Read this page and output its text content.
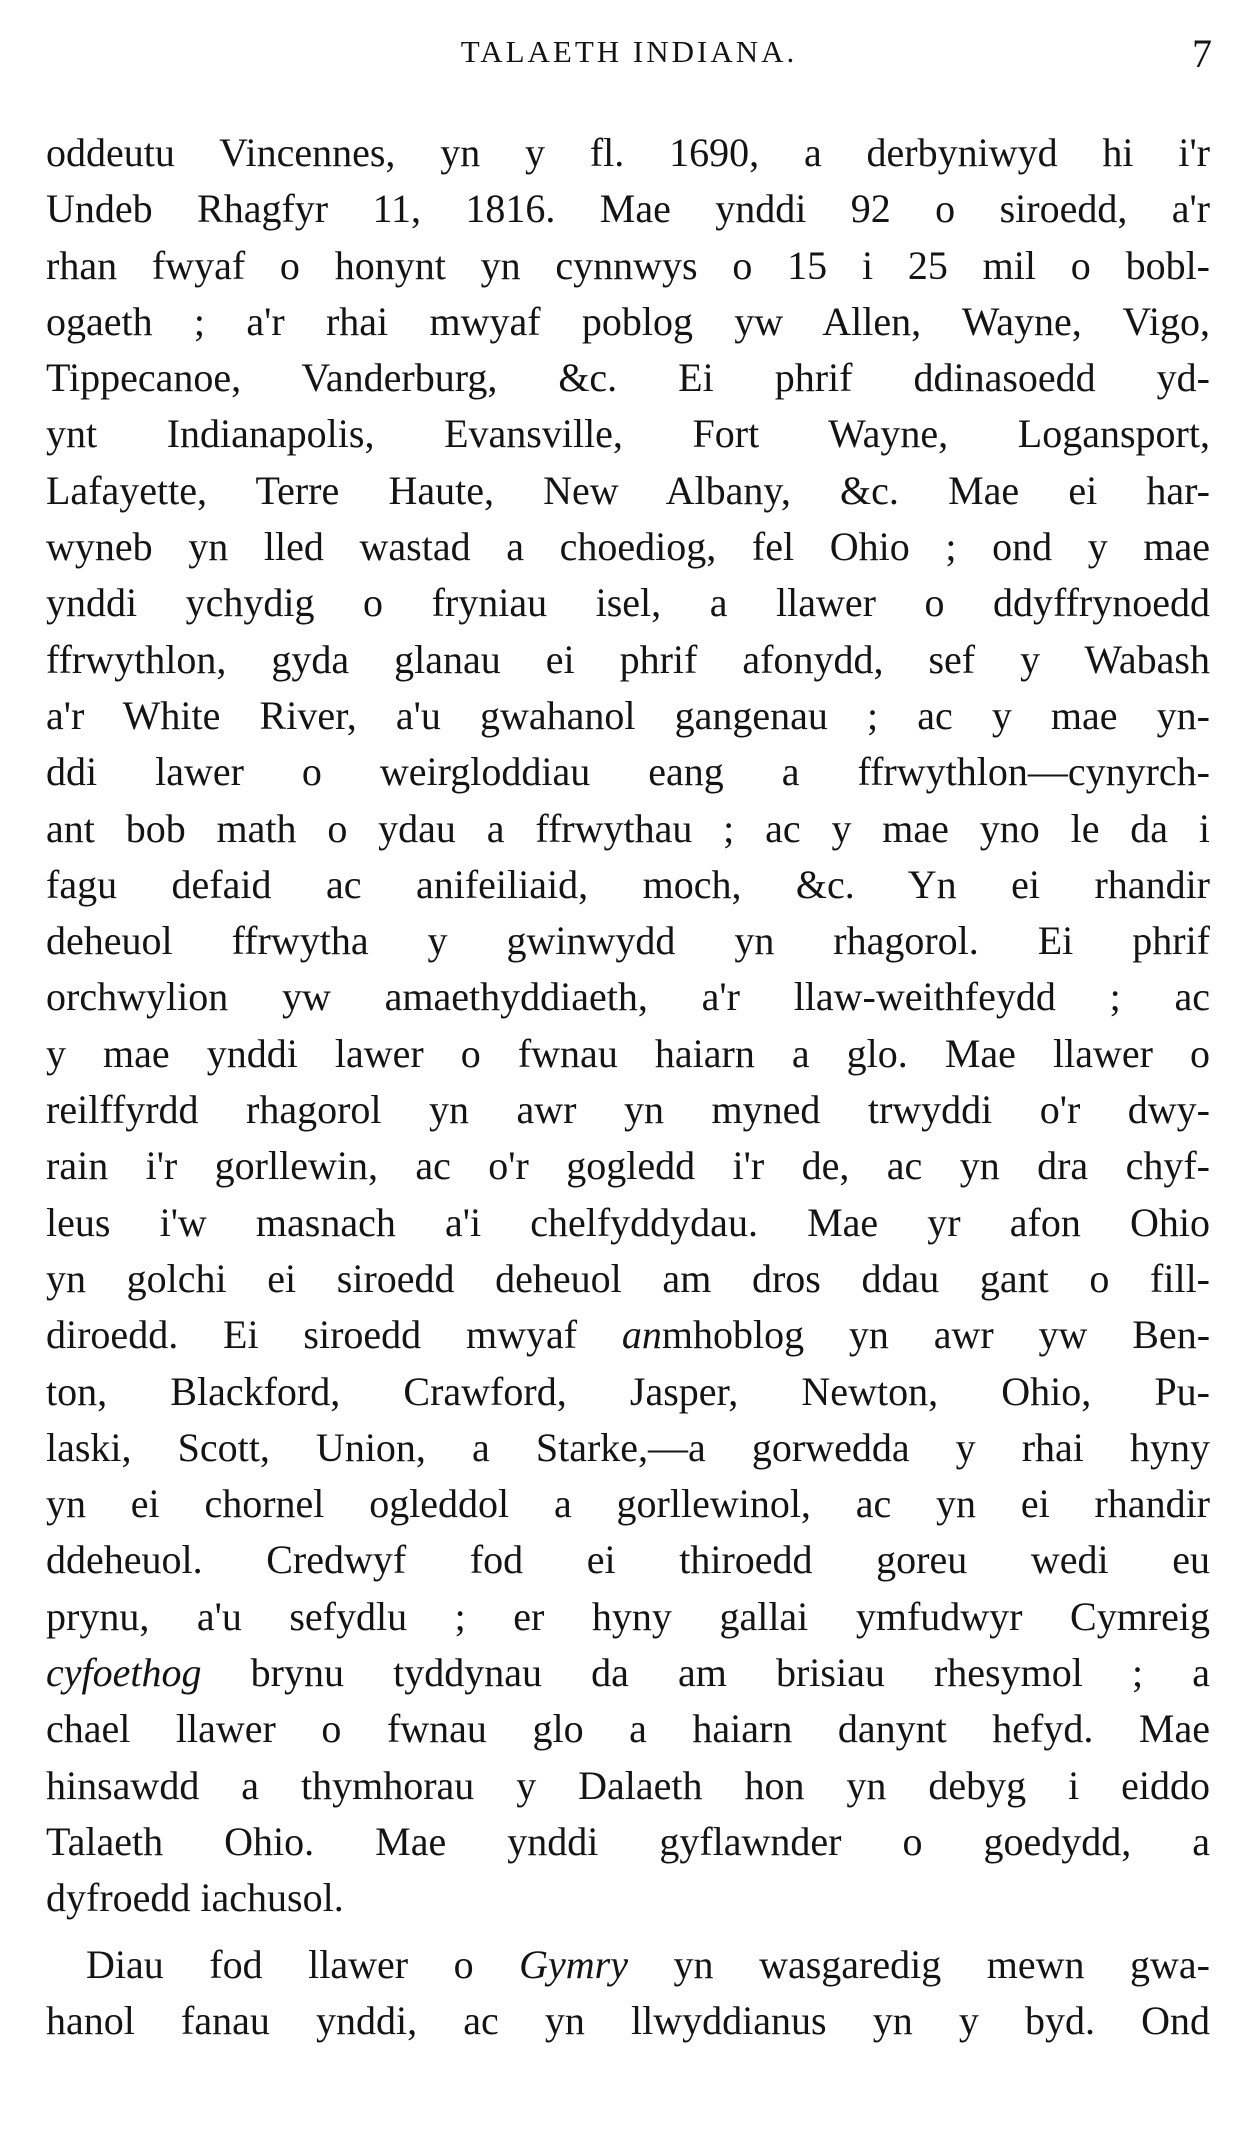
TALAETH INDIANA.	7
oddeutu Vincennes, yn y fl. 1690, a derbyniwyd hi i'r
Undeb Rhagfyr 11, 1816. Mae ynddi 92 o siroedd, a'r
rhan fwyaf o honynt yn cynnwys o 15 i 25 mil o bobl-
ogaeth ; a'r rhai mwyaf poblog yw Allen, Wayne, Vigo,
Tippecanoe, Vanderburg, &c. Ei phrif ddinasoedd yd-
ynt Indianapolis, Evansville, Fort Wayne, Logansport,
Lafayette, Terre Haute, New Albany, &c. Mae ei har-
wyneb yn lled wastad a choediog, fel Ohio ; ond y mae
ynddi ychydig o fryniau isel, a llawer o ddyffrynoedd
ffrwythlon, gyda glanau ei phrif afonydd, sef y Wabash
a'r White River, a'u gwahanol gangenau ; ac y mae yn-
ddi lawer o weirgloddiau eang a ffrwythlon—cynyrch-
ant bob math o ydau a ffrwythau ; ac y mae yno le da i
fagu defaid ac anifeiliaid, moch, &c. Yn ei rhandir
deheuol ffrwytha y gwinwydd yn rhagorol. Ei phrif
orchwylion yw amaethyddiaeth, a'r llaw-weithfeydd ; ac
y mae ynddi lawer o fwnau haiarn a glo. Mae llawer o
reilffyrdd rhagorol yn awr yn myned trwyddi o'r dwy-
rain i'r gorllewin, ac o'r gogledd i'r de, ac yn dra chyf-
leus i'w masnach a'i chelfyddydau. Mae yr afon Ohio
yn golchi ei siroedd deheuol am dros ddau gant o fill-
diroedd. Ei siroedd mwyaf anmhoblog yn awr yw Ben-
ton, Blackford, Crawford, Jasper, Newton, Ohio, Pu-
laski, Scott, Union, a Starke,—a gorwedda y rhai hyny
yn ei chornel ogleddol a gorllewinol, ac yn ei rhandir
ddeheuol. Credwyf fod ei thiroedd goreu wedi eu
prynu, a'u sefydlu ; er hyny gallai ymfudwyr Cymreig
cyfoethog brynu tyddynau da am brisiau rhesymol ; a
chael llawer o fwnau glo a haiarn danynt hefyd. Mae
hinsawdd a thymhorau y Dalaeth hon yn debyg i eiddo
Talaeth Ohio. Mae ynddi gyflawnder o goedydd, a
dyfroedd iachusol.
Diau fod llawer o Gymry yn wasgaredig mewn gwa-
hanol fanau ynddi, ac yn llwyddianus yn y byd. Ond
